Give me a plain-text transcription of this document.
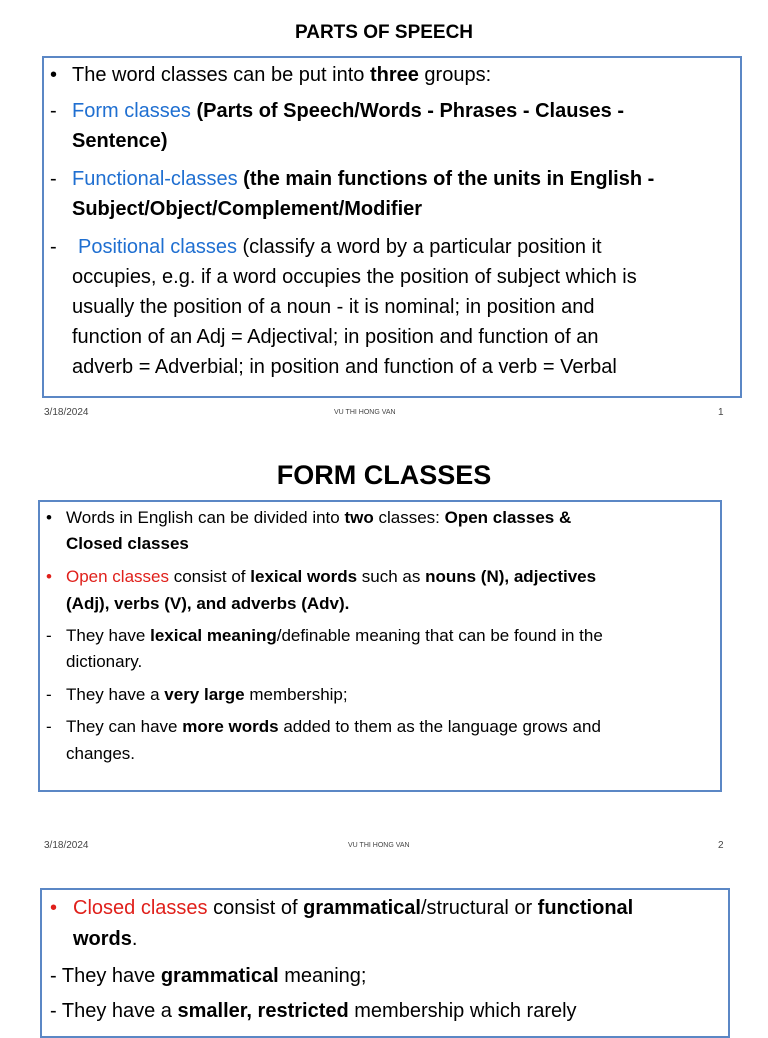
PARTS OF SPEECH
• The word classes can be put into three groups:
- Form classes (Parts of Speech/Words - Phrases - Clauses -
Sentence)
- Functional-classes (the main functions of the units in English -
Subject/Object/Complement/Modifier
- Positional classes (classify a word by a particular position it
occupies, e.g. if a word occupies the position of subject which is
usually the position of a noun - it is nominal; in position and
function of an Adj = Adjectival; in position and function of an
adverb = Adverbial; in position and function of a verb = Verbal
3/18/2024	VU THI HONG VAN	1
FORM CLASSES
• Words in English can be divided into two classes: Open classes &
Closed classes
• Open classes consist of lexical words such as nouns (N), adjectives
(Adj), verbs (V), and adverbs (Adv).
- They have lexical meaning/definable meaning that can be found in the
dictionary.
- They have a very large membership;
- They can have more words added to them as the language grows and
changes.
3/18/2024	VU THI HONG VAN	2
• Closed classes consist of grammatical/structural or functional
words.
- They have grammatical meaning;
- They have a smaller, restricted membership which rarely
